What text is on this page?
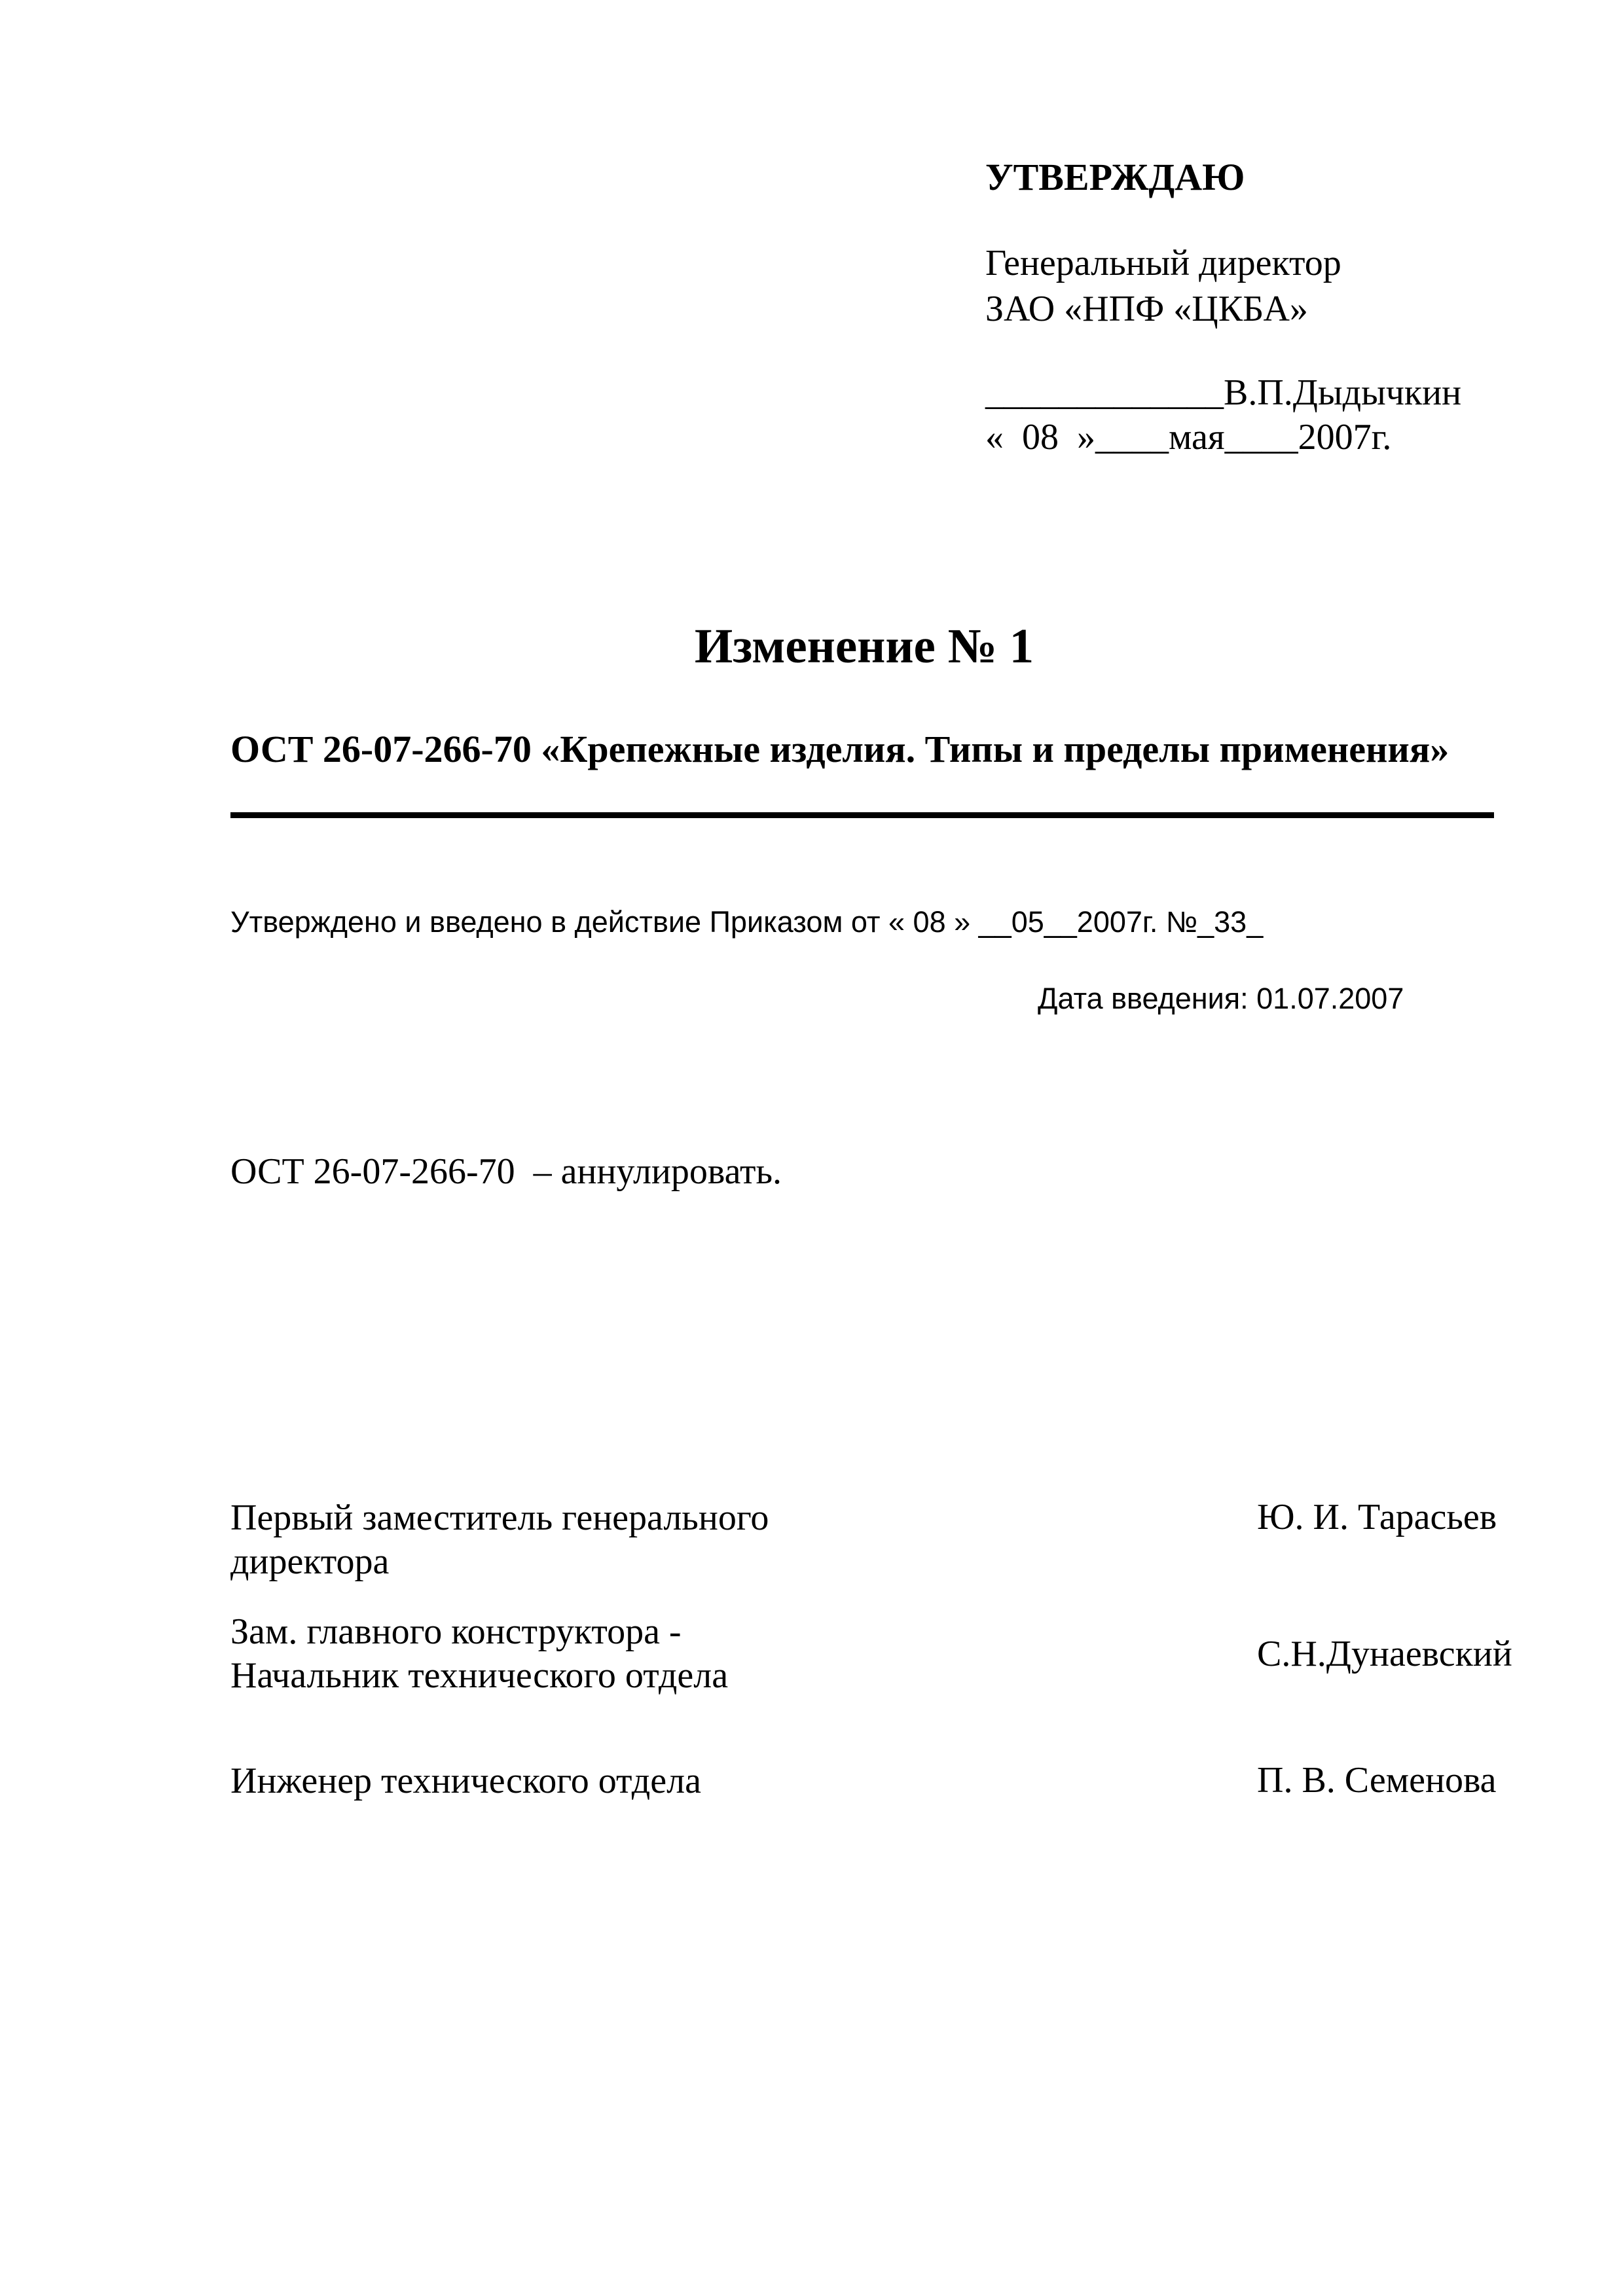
УТВЕРЖДАЮ
Генеральный директор
ЗАО «НПФ «ЦКБА»
_____________В.П.Дыдычкин
«  08  »____мая____2007г.
Изменение № 1
ОСТ 26-07-266-70 «Крепежные изделия. Типы и пределы применения»
Утверждено и введено в действие Приказом от « 08 » __05__2007г. №_33_
Дата введения: 01.07.2007
ОСТ 26-07-266-70  – аннулировать.
Первый заместитель генерального
директора
Ю. И. Тарасьев
Зам. главного конструктора -
Начальник технического отдела
С.Н.Дунаевский
Инженер технического отдела	П. В. Семенова
